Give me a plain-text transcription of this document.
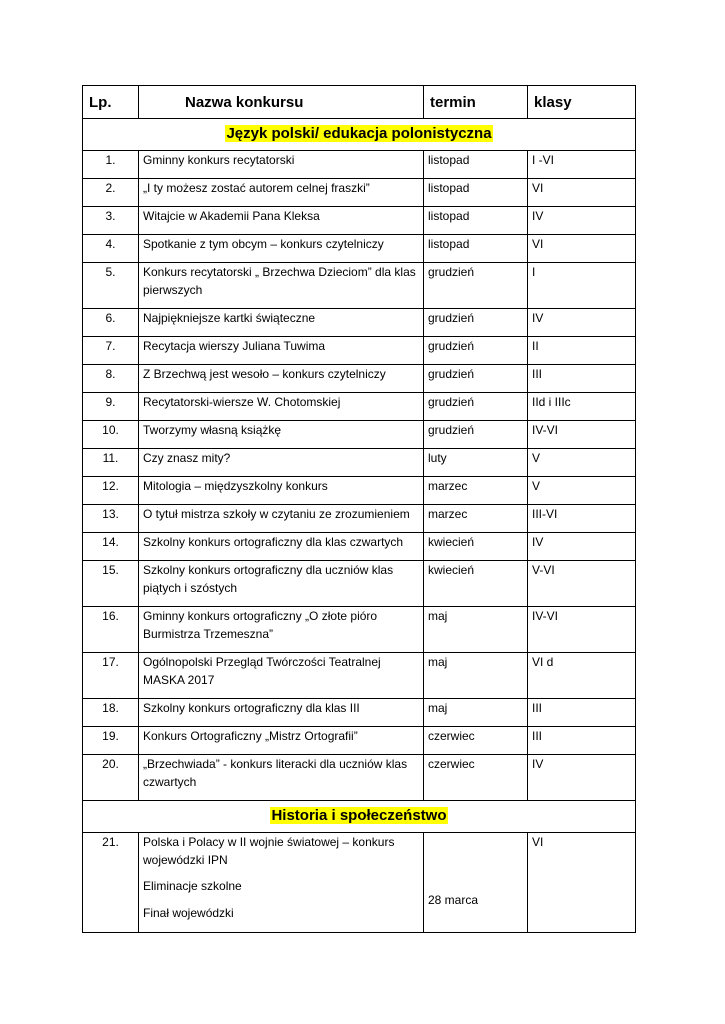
Lp.	Nazwa konkursu	termin	klasy

Język polski/ edukacja polonistyczna			

1.	Gminny konkurs recytatorski	listopad	I -VI

2.	„I ty możesz zostać autorem celnej fraszki”	listopad	VI

3.	Witajcie w Akademii Pana Kleksa	listopad	IV

4.	Spotkanie z tym obcym – konkurs czytelniczy	listopad	VI

5.	Konkurs recytatorski „ Brzechwa Dzieciom” dla klas pierwszych	grudzień	I

6.	Najpiękniejsze kartki świąteczne	grudzień	IV

7.	Recytacja wierszy Juliana Tuwima	grudzień	II

8.	Z Brzechwą jest wesoło – konkurs czytelniczy	grudzień	III

9.	Recytatorski-wiersze W. Chotomskiej	grudzień	IId i IIIc

10.	Tworzymy własną książkę	grudzień	IV-VI

11.	Czy znasz mity?	luty	V

12.	Mitologia – międzyszkolny konkurs	marzec	V

13.	O tytuł mistrza szkoły w czytaniu ze zrozumieniem	marzec	III-VI

14.	Szkolny konkurs ortograficzny dla klas czwartych	kwiecień	IV

15.	Szkolny konkurs ortograficzny dla uczniów klas piątych i szóstych	kwiecień	V-VI

16.	Gminny konkurs ortograficzny „O złote pióro Burmistrza Trzemeszna”	maj	IV-VI

17.	Ogólnopolski Przegląd Twórczości Teatralnej MASKA 2017	maj	VI d

18.	Szkolny konkurs ortograficzny dla klas III	maj	III

19.	Konkurs Ortograficzny „Mistrz Ortografii”	czerwiec	III

20.	„Brzechwiada” - konkurs literacki dla uczniów klas czwartych	czerwiec	IV

Historia i społeczeństwo			

21.	Polska i Polacy w II wojnie światowej – konkurs wojewódzki IPN
Eliminacje szkolne
Finał wojewódzki	28 marca	VI
